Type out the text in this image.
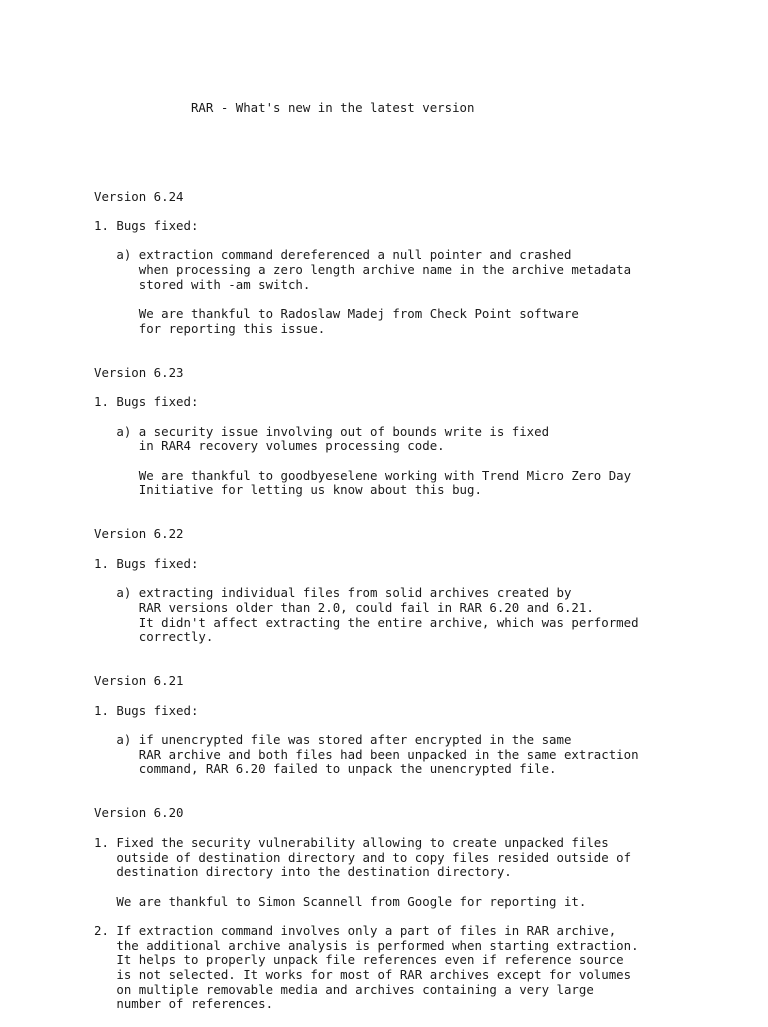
RAR - What's new in the latest version

Version 6.24
1. Bugs fixed:
a) extraction command dereferenced a null pointer and crashed
when processing a zero length archive name in the archive metadata
stored with -am switch.
We are thankful to Radoslaw Madej from Check Point software
for reporting this issue.
Version 6.23
1. Bugs fixed:
a) a security issue involving out of bounds write is fixed
in RAR4 recovery volumes processing code.
We are thankful to goodbyeselene working with Trend Micro Zero Day
Initiative for letting us know about this bug.
Version 6.22
1. Bugs fixed:
a) extracting individual files from solid archives created by
RAR versions older than 2.0, could fail in RAR 6.20 and 6.21.
It didn't affect extracting the entire archive, which was performed
correctly.
Version 6.21
1. Bugs fixed:
a) if unencrypted file was stored after encrypted in the same
RAR archive and both files had been unpacked in the same extraction
command, RAR 6.20 failed to unpack the unencrypted file.
Version 6.20
1. Fixed the security vulnerability allowing to create unpacked files
outside of destination directory and to copy files resided outside of
destination directory into the destination directory.
We are thankful to Simon Scannell from Google for reporting it.
2. If extraction command involves only a part of files in RAR archive,
the additional archive analysis is performed when starting extraction.
It helps to properly unpack file references even if reference source
is not selected. It works for most of RAR archives except for volumes
on multiple removable media and archives containing a very large
number of references.
